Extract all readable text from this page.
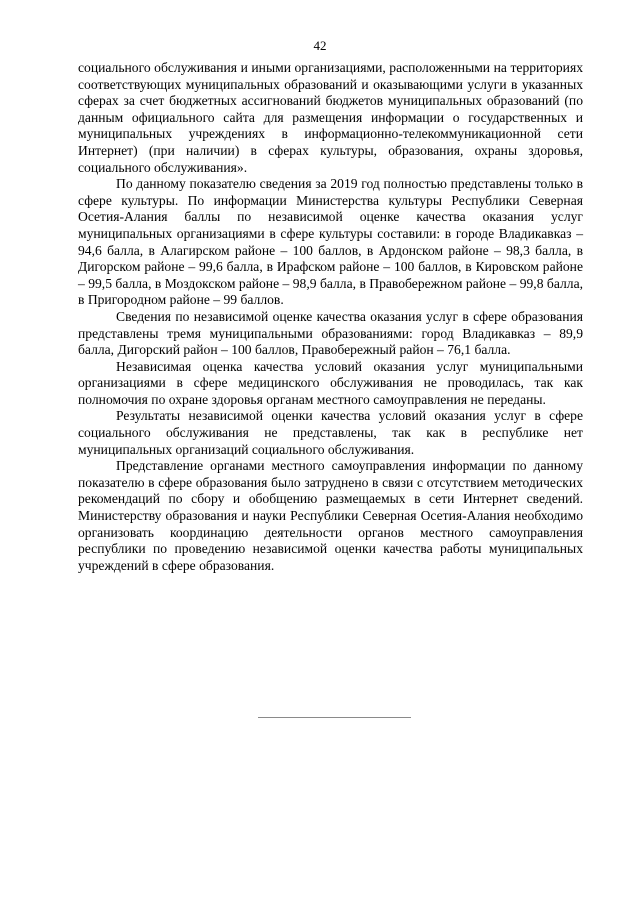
42

социального обслуживания и иными организациями, расположенными на территориях соответствующих муниципальных образований и оказывающими услуги в указанных сферах за счет бюджетных ассигнований бюджетов муниципальных образований (по данным официального сайта для размещения информации о государственных и муниципальных учреждениях в информационно-телекоммуникационной сети Интернет) (при наличии) в сферах культуры, образования, охраны здоровья, социального обслуживания».

По данному показателю сведения за 2019 год полностью представлены только в сфере культуры. По информации Министерства культуры Республики Северная Осетия-Алания баллы по независимой оценке качества оказания услуг муниципальных организациями в сфере культуры составили: в городе Владикавказ – 94,6 балла, в Алагирском районе – 100 баллов, в Ардонском районе – 98,3 балла, в Дигорском районе – 99,6 балла, в Ирафском районе – 100 баллов, в Кировском районе – 99,5 балла, в Моздокском районе – 98,9 балла, в Правобережном районе – 99,8 балла, в Пригородном районе – 99 баллов.

Сведения по независимой оценке качества оказания услуг в сфере образования представлены тремя муниципальными образованиями: город Владикавказ – 89,9 балла, Дигорский район – 100 баллов, Правобережный район – 76,1 балла.

Независимая оценка качества условий оказания услуг муниципальными организациями в сфере медицинского обслуживания не проводилась, так как полномочия по охране здоровья органам местного самоуправления не переданы.

Результаты независимой оценки качества условий оказания услуг в сфере социального обслуживания не представлены, так как в республике нет муниципальных организаций социального обслуживания.

Представление органами местного самоуправления информации по данному показателю в сфере образования было затруднено в связи с отсутствием методических рекомендаций по сбору и обобщению размещаемых в сети Интернет сведений. Министерству образования и науки Республики Северная Осетия-Алания необходимо организовать координацию деятельности органов местного самоуправления республики по проведению независимой оценки качества работы муниципальных учреждений в сфере образования.
